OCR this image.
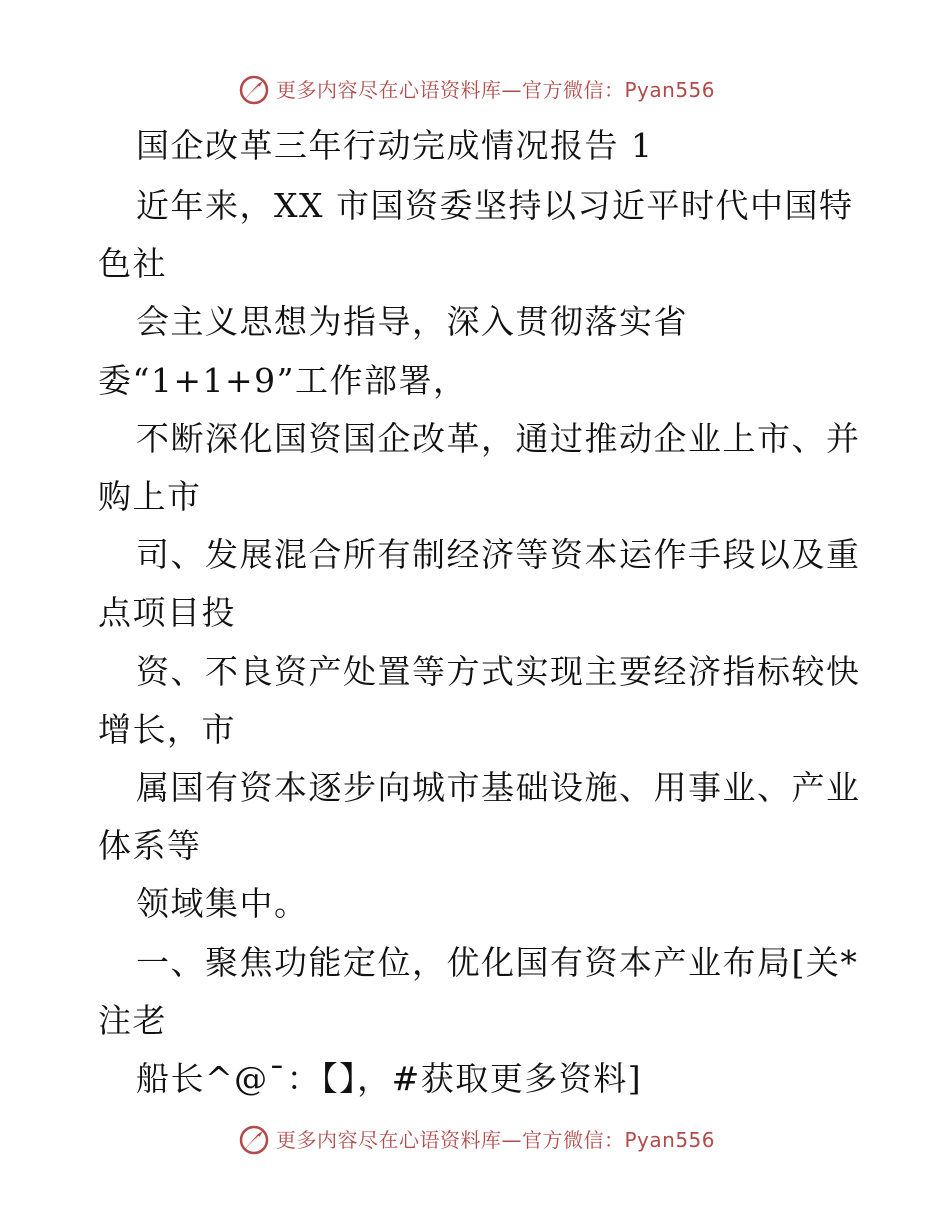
更多内容尽在心语资料库—官方微信：Pyan556
国企改革三年行动完成情况报告 1
近年来，XX 市国资委坚持以习近平时代中国特
色社
会主义思想为指导，深入贯彻落实省
委“1+1+9”工作部署，
不断深化国资国企改革，通过推动企业上市、并
购上市
司、发展混合所有制经济等资本运作手段以及重
点项目投
资、不良资产处置等方式实现主要经济指标较快
增长，市
属国有资本逐步向城市基础设施、用事业、产业
体系等
领域集中。
一、聚焦功能定位，优化国有资本产业布局[关*
注老
船长^@¯：【】，#获取更多资料]
更多内容尽在心语资料库—官方微信：Pyan556
